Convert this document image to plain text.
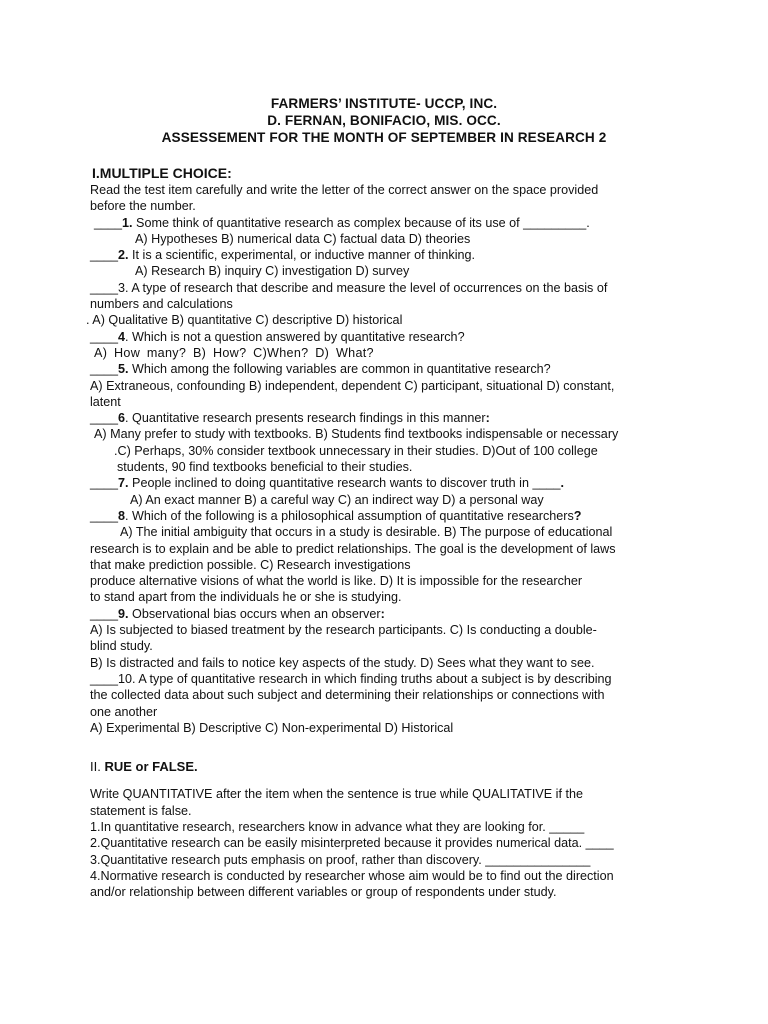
FARMERS’ INSTITUTE- UCCP, INC.
D. FERNAN, BONIFACIO, MIS. OCC.
ASSESSEMENT FOR THE MONTH OF SEPTEMBER IN RESEARCH 2
I.MULTIPLE CHOICE:
Read the test item carefully and write the letter of the correct answer on the space provided
before the number.
____1. Some think of quantitative research as complex because of its use of _________.
A) Hypotheses B) numerical data C) factual data D) theories
____2. It is a scientific, experimental, or inductive manner of thinking.
A) Research B) inquiry C) investigation D) survey
____3. A type of research that describe and measure the level of occurrences on the basis of
numbers and calculations
. A) Qualitative B) quantitative C) descriptive D) historical
____4. Which is not a question answered by quantitative research?
A) How many? B) How? C)When? D) What?
____5. Which among the following variables are common in quantitative research?
A) Extraneous, confounding B) independent, dependent C) participant, situational D) constant,
latent
____6. Quantitative research presents research findings in this manner:
A) Many prefer to study with textbooks. B) Students find textbooks indispensable or necessary
.C) Perhaps, 30% consider textbook unnecessary in their studies. D)Out of 100 college
students, 90 find textbooks beneficial to their studies.
____7. People inclined to doing quantitative research wants to discover truth in ____.
A) An exact manner B) a careful way C) an indirect way D) a personal way
____8. Which of the following is a philosophical assumption of quantitative researchers?
A) The initial ambiguity that occurs in a study is desirable. B) The purpose of educational
research is to explain and be able to predict relationships. The goal is the development of laws
that make prediction possible. C) Research investigations
produce alternative visions of what the world is like. D) It is impossible for the researcher
to stand apart from the individuals he or she is studying.
____9. Observational bias occurs when an observer:
A) Is subjected to biased treatment by the research participants. C) Is conducting a double-
blind study.
B) Is distracted and fails to notice key aspects of the study. D) Sees what they want to see.
____10. A type of quantitative research in which finding truths about a subject is by describing
the collected data about such subject and determining their relationships or connections with
one another
A) Experimental B) Descriptive C) Non-experimental D) Historical
II. RUE or FALSE.
Write QUANTITATIVE after the item when the sentence is true while QUALITATIVE if the
statement is false.
1.In quantitative research, researchers know in advance what they are looking for. _____
2.Quantitative research can be easily misinterpreted because it provides numerical data. ____
3.Quantitative research puts emphasis on proof, rather than discovery. _______________
4.Normative research is conducted by researcher whose aim would be to find out the direction
and/or relationship between different variables or group of respondents under study.
